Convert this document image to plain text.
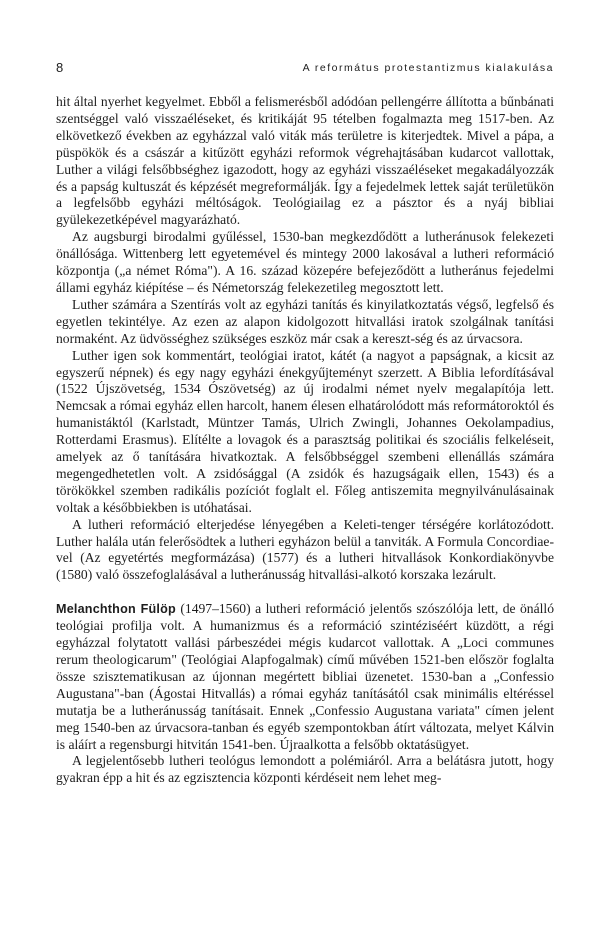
8	A református protestantizmus kialakulása

hit által nyerhet kegyelmet. Ebből a felismerésből adódóan pellengérre állította a bűnbánati szentséggel való visszaéléseket, és kritikáját 95 tételben fogalmazta meg 1517-ben. Az elkövetkező években az egyházzal való viták más területre is kiterjedtek. Mivel a pápa, a püspökök és a császár a kitűzött egyházi reformok végrehajtásában kudarcot vallottak, Luther a világi felsőbbséghez igazodott, hogy az egyházi visszaéléseket megakadályozzák és a papság kultuszát és képzését megreformálják. Így a fejedelmek lettek saját területükön a legfelsőbb egyházi méltóságok. Teológiailag ez a pásztor és a nyáj bibliai gyülekezetképével magyarázható.

Az augsburgi birodalmi gyűléssel, 1530-ban megkezdődött a lutheránusok felekezeti önállósága. Wittenberg lett egyetemével és mintegy 2000 lakosával a lutheri reformáció központja („a német Róma"). A 16. század közepére befejeződött a lutheránus fejedelmi állami egyház kiépítése – és Németország felekezetileg megosztott lett.

Luther számára a Szentírás volt az egyházi tanítás és kinyilatkoztatás végső, legfelső és egyetlen tekintélye. Az ezen az alapon kidolgozott hitvallási iratok szolgálnak tanítási normaként. Az üdvösséghez szükséges eszköz már csak a kereszt-ség és az úrvacsora.

Luther igen sok kommentárt, teológiai iratot, kátét (a nagyot a papságnak, a kicsit az egyszerű népnek) és egy nagy egyházi énekgyűjteményt szerzett. A Biblia lefordításával (1522 Újszövetség, 1534 Ószövetség) az új irodalmi német nyelv megalapítója lett. Nemcsak a római egyház ellen harcolt, hanem élesen elhatárolódott más reformátoroktól és humanistáktól (Karlstadt, Müntzer Tamás, Ulrich Zwingli, Johannes Oekolampadius, Rotterdami Erasmus). Elítélte a lovagok és a parasztság politikai és szociális felkeléseit, amelyek az ő tanítására hivatkoztak. A felsőbbséggel szembeni ellenállás számára megengedhetetlen volt. A zsidósággal (A zsidók és hazugságaik ellen, 1543) és a törökökkel szemben radikális pozíciót foglalt el. Főleg antiszemita megnyilvánulásainak voltak a későbbiekben is utóhatásai.

A lutheri reformáció elterjedése lényegében a Keleti-tenger térségére korlátozódott. Luther halála után felerősödtek a lutheri egyházon belül a tanviták. A Formula Concordiae-vel (Az egyetértés megformázása) (1577) és a lutheri hitvallások Konkordiakönyvbe (1580) való összefoglalásával a lutheránusság hitvallási-alkotó korszaka lezárult.

Melanchthon Fülöp (1497–1560) a lutheri reformáció jelentős szószólója lett, de önálló teológiai profilja volt. A humanizmus és a reformáció szintéziséért küzdött, a régi egyházzal folytatott vallási párbeszédei mégis kudarcot vallottak. A „Loci communes rerum theologicarum" (Teológiai Alapfogalmak) című művében 1521-ben először foglalta össze szisztematikusan az újonnan megértett bibliai üzenetet. 1530-ban a „Confessio Augustana"-ban (Ágostai Hitvallás) a római egyház tanításától csak minimális eltéréssel mutatja be a lutheránusság tanításait. Ennek „Confessio Augustana variata" címen jelent meg 1540-ben az úrvacsora-tanban és egyéb szempontokban átírt változata, melyet Kálvin is aláírt a regensburgi hitvitán 1541-ben. Újraalkotta a felsőbb oktatásügyet.

A legjelentősebb lutheri teológus lemondott a polémiáról. Arra a belátásra jutott, hogy gyakran épp a hit és az egzisztencia központi kérdéseit nem lehet meg-
